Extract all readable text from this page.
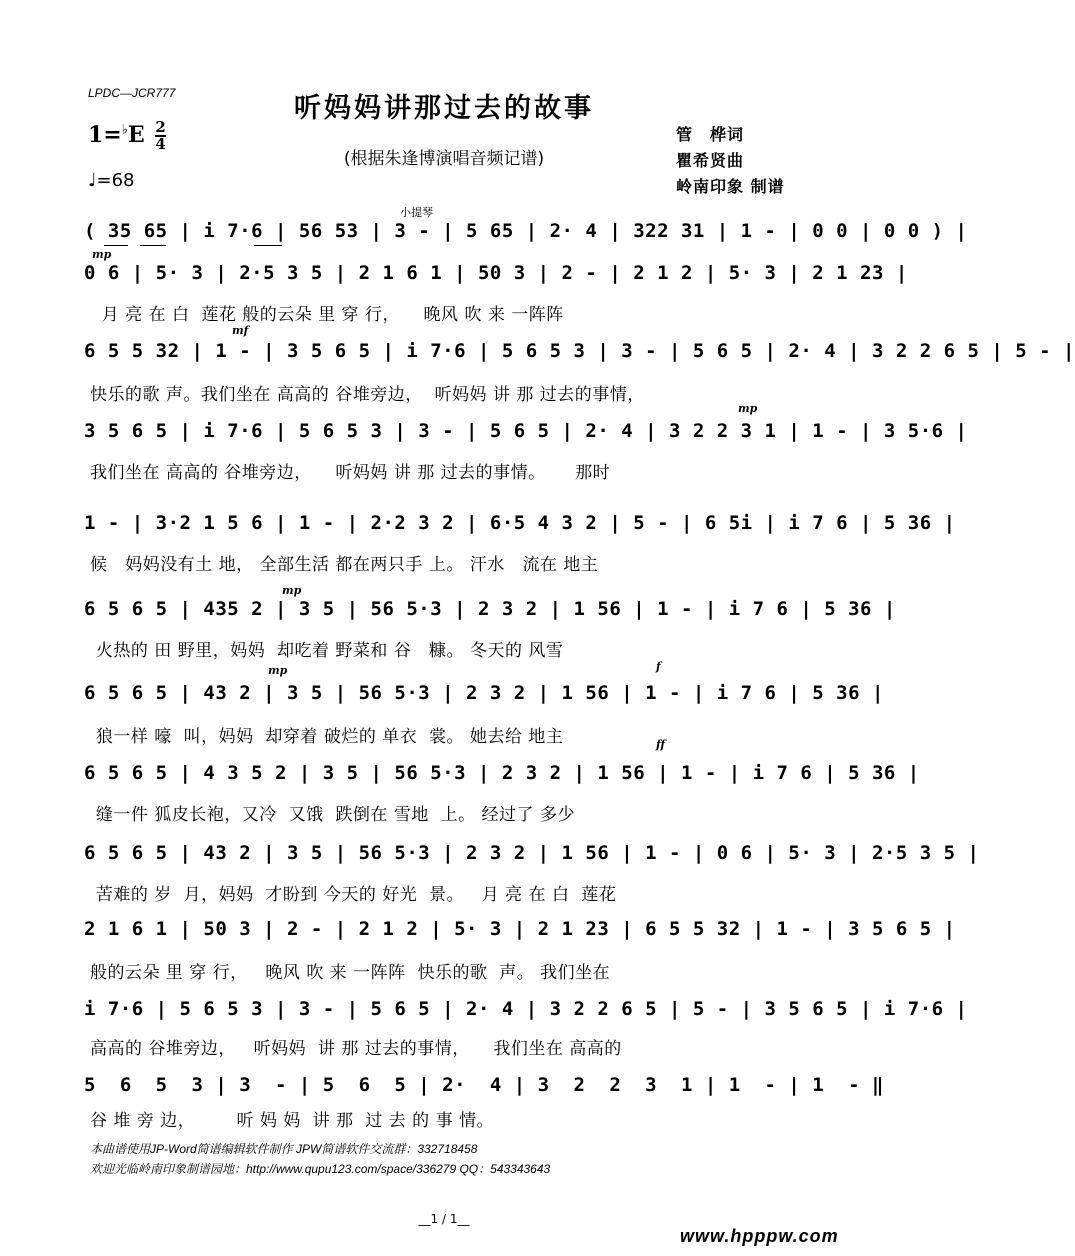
LPDC—JCR777	听妈妈讲那过去的故事
(根据朱逢博演唱音频记谱)
$1=^♭E \frac{2}{4}$
♩=68
管　桦词
瞿希贤曲
岭南印象 制谱
小提琴
mp
mf
mp
mp
mp	f
ff
( 35 65 | i 7·6 | 56 53 | 3 - | 5 65 | 2· 4 | 322 31 | 1 - | 0 0 | 0 0 ) |
0 6 | 5· 3 | 2·5 3 5 | 2 1 6 1 | 50 3 | 2 - | 2 1 2 | 5· 3 | 2 1 23 |
月 亮 在 白  莲花 般的云朵 里 穿 行，    晚风 吹 来 一阵阵
6 5 5 32 | 1 - | 3 5 6 5 | i 7·6 | 5 6 5 3 | 3 - | 5 6 5 | 2· 4 | 3 2 2 6 5 | 5 - |
快乐的歌 声。我们坐在 高高的 谷堆旁边，  听妈妈 讲 那 过去的事情，
3 5 6 5 | i 7·6 | 5 6 5 3 | 3 - | 5 6 5 | 2· 4 | 3 2 2 3 1 | 1 - | 3 5·6 |
我们坐在 高高的 谷堆旁边，    听妈妈 讲 那 过去的事情。     那时
1 - | 3·2 1 5 6 | 1 - | 2·2 3 2 | 6·5 4 3 2 | 5 - | 6 5i | i 7 6 | 5 36 |
候   妈妈没有土 地， 全部生活 都在两只手 上。 汗水   流在 地主
6 5 6 5 | 435 2 | 3 5 | 56 5·3 | 2 3 2 | 1 56 | 1 - | i 7 6 | 5 36 |
火热的 田 野里，妈妈  却吃着 野菜和 谷   糠。 冬天的 风雪
6 5 6 5 | 43 2 | 3 5 | 56 5·3 | 2 3 2 | 1 56 | 1 - | i 7 6 | 5 36 |
狼一样 嚎  叫，妈妈  却穿着 破烂的 单衣  裳。 她去给 地主
6 5 6 5 | 4 3 5 2 | 3 5 | 56 5·3 | 2 3 2 | 1 56 | 1 - | i 7 6 | 5 36 |
缝一件 狐皮长袍，又冷  又饿  跌倒在 雪地  上。 经过了 多少
6 5 6 5 | 43 2 | 3 5 | 56 5·3 | 2 3 2 | 1 56 | 1 - | 0 6 | 5· 3 | 2·5 3 5 |
苦难的 岁  月，妈妈  才盼到 今天的 好光  景。   月 亮 在 白  莲花
2 1 6 1 | 50 3 | 2 - | 2 1 2 | 5· 3 | 2 1 23 | 6 5 5 32 | 1 - | 3 5 6 5 |
般的云朵 里 穿 行，   晚风 吹 来 一阵阵  快乐的歌  声。 我们坐在
i 7·6 | 5 6 5 3 | 3 - | 5 6 5 | 2· 4 | 3 2 2 6 5 | 5 - | 3 5 6 5 | i 7·6 |
高高的 谷堆旁边，   听妈妈  讲 那 过去的事情，    我们坐在 高高的
5  6  5  3 | 3  - | 5  6  5 | 2·  4 | 3  2  2  3  1 | 1  - | 1  - ‖
谷 堆 旁 边，       听 妈 妈  讲 那  过 去 的 事 情。
本曲谱使用JP-Word简谱编辑软件制作 JPW简谱软件交流群：332718458
欢迎光临岭南印象制谱园地：http://www.qupu123.com/space/336279 QQ：543343643
__1 / 1__
www.hpppw.com
